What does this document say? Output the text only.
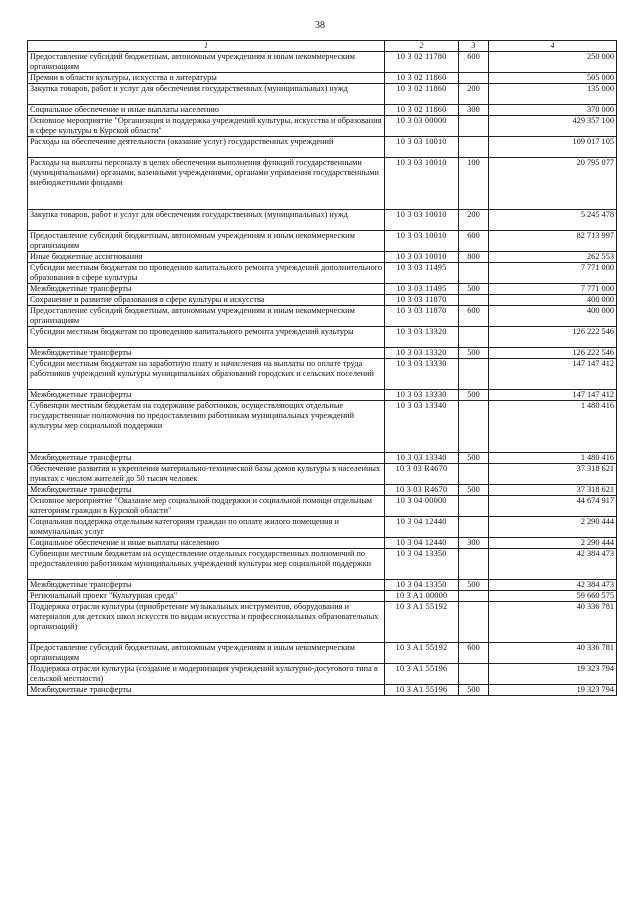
38
1	2	3	4
Предоставление субсидий бюджетным, автономным учреждениям и иным некоммерческим организациям	10 3 02 11780	600	250 000
Премии в области культуры, искусства и литературы	10 3 02 11860		505 000
Закупка товаров, работ и услуг для обеспечения государственных (муниципальных) нужд	10 3 02 11860	200	135 000
Социальное обеспечение и иные выплаты населению	10 3 02 11860	300	370 000
Основное мероприятие "Организация и поддержка учреждений культуры, искусства и образования в сфере культуры в Курской области"	10 3 03 00000		429 357 100
Расходы на обеспечение деятельности (оказание услуг) государственных учреждений	10 3 03 10010		109 017 105
Расходы на выплаты персоналу в целях обеспечения выполнения функций государственными (муниципальными) органами, казенными учреждениями, органами управления государственными внебюджетными фондами	10 3 03 10010	100	20 795 077
Закупка товаров, работ и услуг для обеспечения государственных (муниципальных) нужд	10 3 03 10010	200	5 245 478
Предоставление субсидий бюджетным, автономным учреждениям и иным некоммерческим организациям	10 3 03 10010	600	82 713 997
Иные бюджетные ассигнования	10 3 03 10010	800	262 553
Субсидии местным бюджетам по проведению капитального ремонта учреждений дополнительного образования в сфере культуры	10 3 03 11495		7 771 000
Межбюджетные трансферты	10 3 03 11495	500	7 771 000
Сохранение и развитие образования в сфере культуры и искусства	10 3 03 11870		400 000
Предоставление субсидий бюджетным, автономным учреждениям и иным некоммерческим организациям	10 3 03 11870	600	400 000
Субсидии местным бюджетам по проведению капитального ремонта учреждений культуры	10 3 03 13320		126 222 546
Межбюджетные трансферты	10 3 03 13320	500	126 222 546
Субсидии местным бюджетам на заработную плату и начисления на выплаты по оплате труда работников учреждений культуры муниципальных образований городских и сельских поселений	10 3 03 13330		147 147 412
Межбюджетные трансферты	10 3 03 13330	500	147 147 412
Субвенции местным бюджетам на содержание работников, осуществляющих отдельные государственные полномочия по предоставлению работникам муниципальных учреждений культуры мер социальной поддержки	10 3 03 13340		1 480 416
Межбюджетные трансферты	10 3 03 13340	500	1 480 416
Обеспечение развития и укрепления материально-технической базы домов культуры в населенных пунктах с числом жителей до 50 тысяч человек	10 3 03 R4670		37 318 621
Межбюджетные трансферты	10 3 03 R4670	500	37 318 621
Основное мероприятие "Оказание мер социальной поддержки и социальной помощи отдельным категориям граждан в Курской области"	10 3 04 00000		44 674 917
Социальная поддержка отдельным категориям граждан по оплате жилого помещения и коммунальных услуг	10 3 04 12440		2 290 444
Социальное обеспечение и иные выплаты населению	10 3 04 12440	300	2 290 444
Субвенции местным бюджетам на осуществление отдельных государственных полномочий по предоставлению работникам муниципальных учреждений культуры мер социальной поддержки	10 3 04 13350		42 384 473
Межбюджетные трансферты	10 3 04 13350	500	42 384 473
Региональный проект "Культурная среда"	10 3 A1 00000		59 660 575
Поддержка отрасли культуры (приобретение музыкальных инструментов, оборудования и материалов для детских школ искусств по видам искусства и профессиональных образовательных организаций)	10 3 A1 55192		40 336 781
Предоставление субсидий бюджетным, автономным учреждениям и иным некоммерческим организациям	10 3 A1 55192	600	40 336 781
Поддержка отрасли культуры (создание и модернизация учреждений культурно-досугового типа в сельской местности)	10 3 A1 55196		19 323 794
Межбюджетные трансферты	10 3 A1 55196	500	19 323 794
